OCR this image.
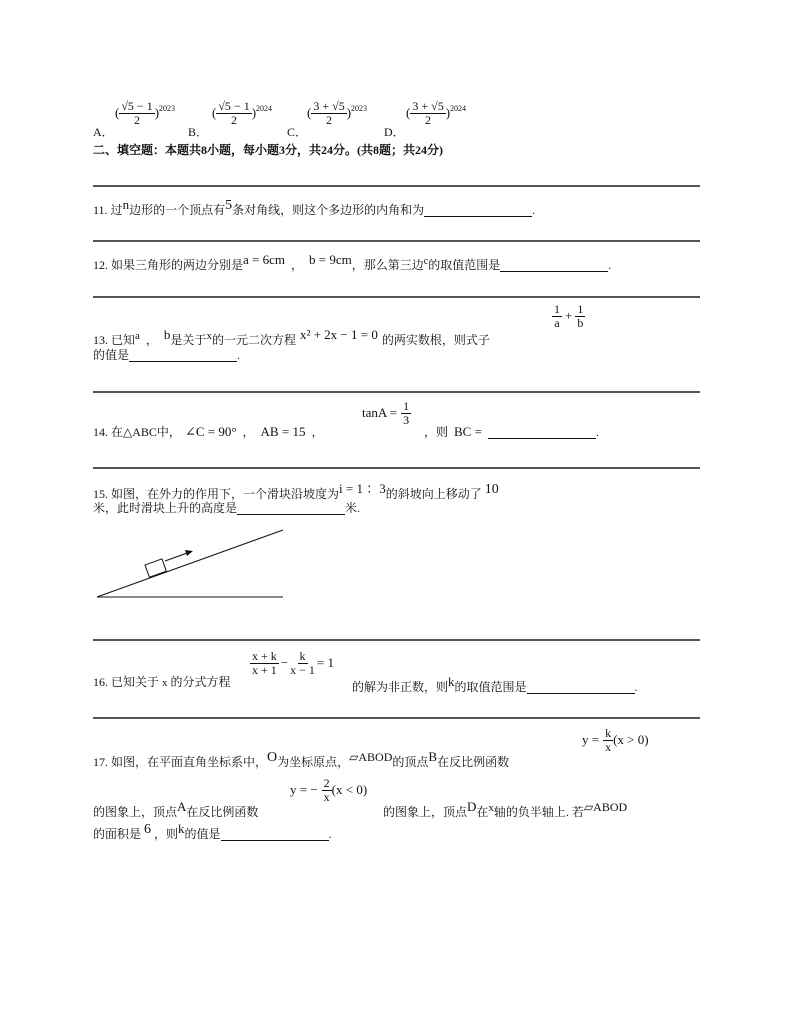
A．
( $\frac{√5 - 1}{2} )^{2023}$
B．
( $\frac{√5 - 1}{2} )^{2024}$
C．
( $\frac{3 + √5}{2} )^{2023}$
D．
( $\frac{3 + √5}{2} )^{2024}$
二、填空题：本题共8小题，每小题3分，共24分。(共8题；共24分)
11. 过$^n$边形的一个顶点有$^5$条对角线，则这个多边形的内角和为	.
12. 如果三角形的两边分别是$^{a = 6cm}$ ， $^{b = 9cm}$，那么第三边$^c$的取值范围是	.
13. 已知$^a$ ， $^b$是关于$^x$的一元二次方程 $^{x^2 + 2x - 1 = 0}$ 的两实数根，则式子
$\frac{1}{a} + \frac{1}{b}$
的值是	.
14. 在△ABC中， ∠C = 90° ， AB = 15 ，
$\tan A = \frac{1}{3}$
，则 BC =	.
15. 如图，在外力的作用下，一个滑块沿坡度为$^{i = 1 :3}$的斜坡向上移动了 $^{10}$
米，此时滑块上升的高度是	米.
16. 已知关于 x 的分式方程
$\frac{x + k}{x + 1} - \frac{k}{x - 1} = 1$
的解为非正数，则$^k$的取值范围是	.
17. 如图，在平面直角坐标系中，$^O$为坐标原点，$^{▱ABOD}$的顶点$^B$在反比例函数
$y = \frac{k}{x} (x > 0)$
y = − $\frac{2}{x} (x < 0)$
的图象上，顶点$^A$在反比例函数	的图象上，顶点$^D$在$^x$轴的负半轴上. 若$^{▱ABOD}$
的面积是 $^6$ ，则$^k$的值是	.
